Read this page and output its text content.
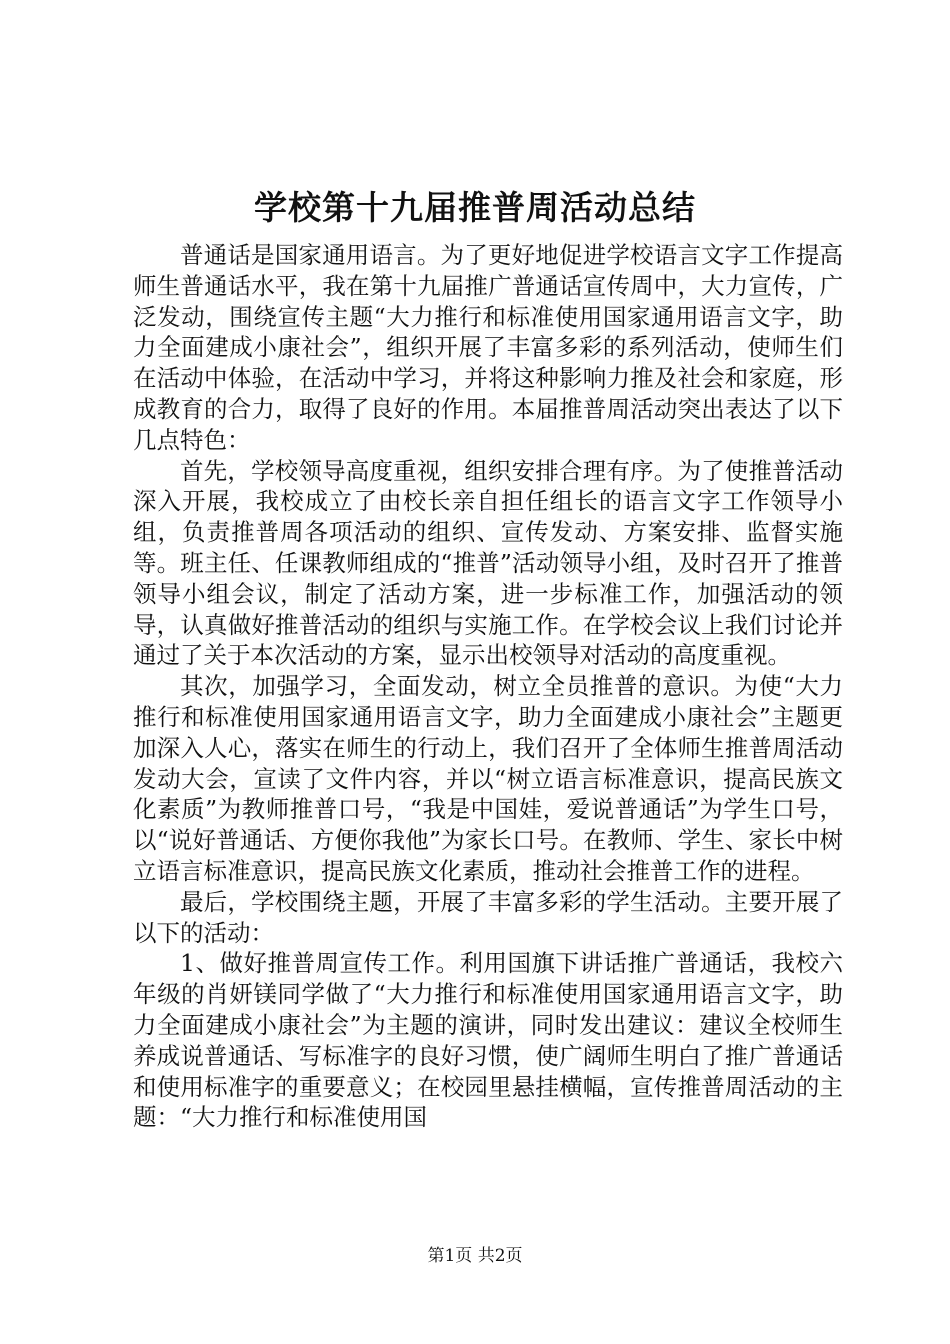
学校第十九届推普周活动总结

普通话是国家通用语言。为了更好地促进学校语言文字工作提高师生普通话水平，我在第十九届推广普通话宣传周中，大力宣传，广泛发动，围绕宣传主题“大力推行和标准使用国家通用语言文字，助力全面建成小康社会”，组织开展了丰富多彩的系列活动，使师生们在活动中体验，在活动中学习，并将这种影响力推及社会和家庭，形成教育的合力，取得了良好的作用。本届推普周活动突出表达了以下几点特色：

首先，学校领导高度重视，组织安排合理有序。为了使推普活动深入开展，我校成立了由校长亲自担任组长的语言文字工作领导小组，负责推普周各项活动的组织、宣传发动、方案安排、监督实施等。班主任、任课教师组成的“推普”活动领导小组，及时召开了推普领导小组会议，制定了活动方案，进一步标准工作，加强活动的领导，认真做好推普活动的组织与实施工作。在学校会议上我们讨论并通过了关于本次活动的方案，显示出校领导对活动的高度重视。

其次，加强学习，全面发动，树立全员推普的意识。为使“大力推行和标准使用国家通用语言文字，助力全面建成小康社会”主题更加深入人心，落实在师生的行动上，我们召开了全体师生推普周活动发动大会，宣读了文件内容，并以“树立语言标准意识，提高民族文化素质”为教师推普口号，“我是中国娃，爱说普通话”为学生口号，以“说好普通话、方便你我他”为家长口号。在教师、学生、家长中树立语言标准意识，提高民族文化素质，推动社会推普工作的进程。

最后，学校围绕主题，开展了丰富多彩的学生活动。主要开展了以下的活动：

1、做好推普周宣传工作。利用国旗下讲话推广普通话，我校六年级的肖妍镁同学做了“大力推行和标准使用国家通用语言文字，助力全面建成小康社会”为主题的演讲，同时发出建议：建议全校师生养成说普通话、写标准字的良好习惯，使广阔师生明白了推广普通话和使用标准字的重要意义；在校园里悬挂横幅，宣传推普周活动的主题：“大力推行和标准使用国

第1页 共2页
